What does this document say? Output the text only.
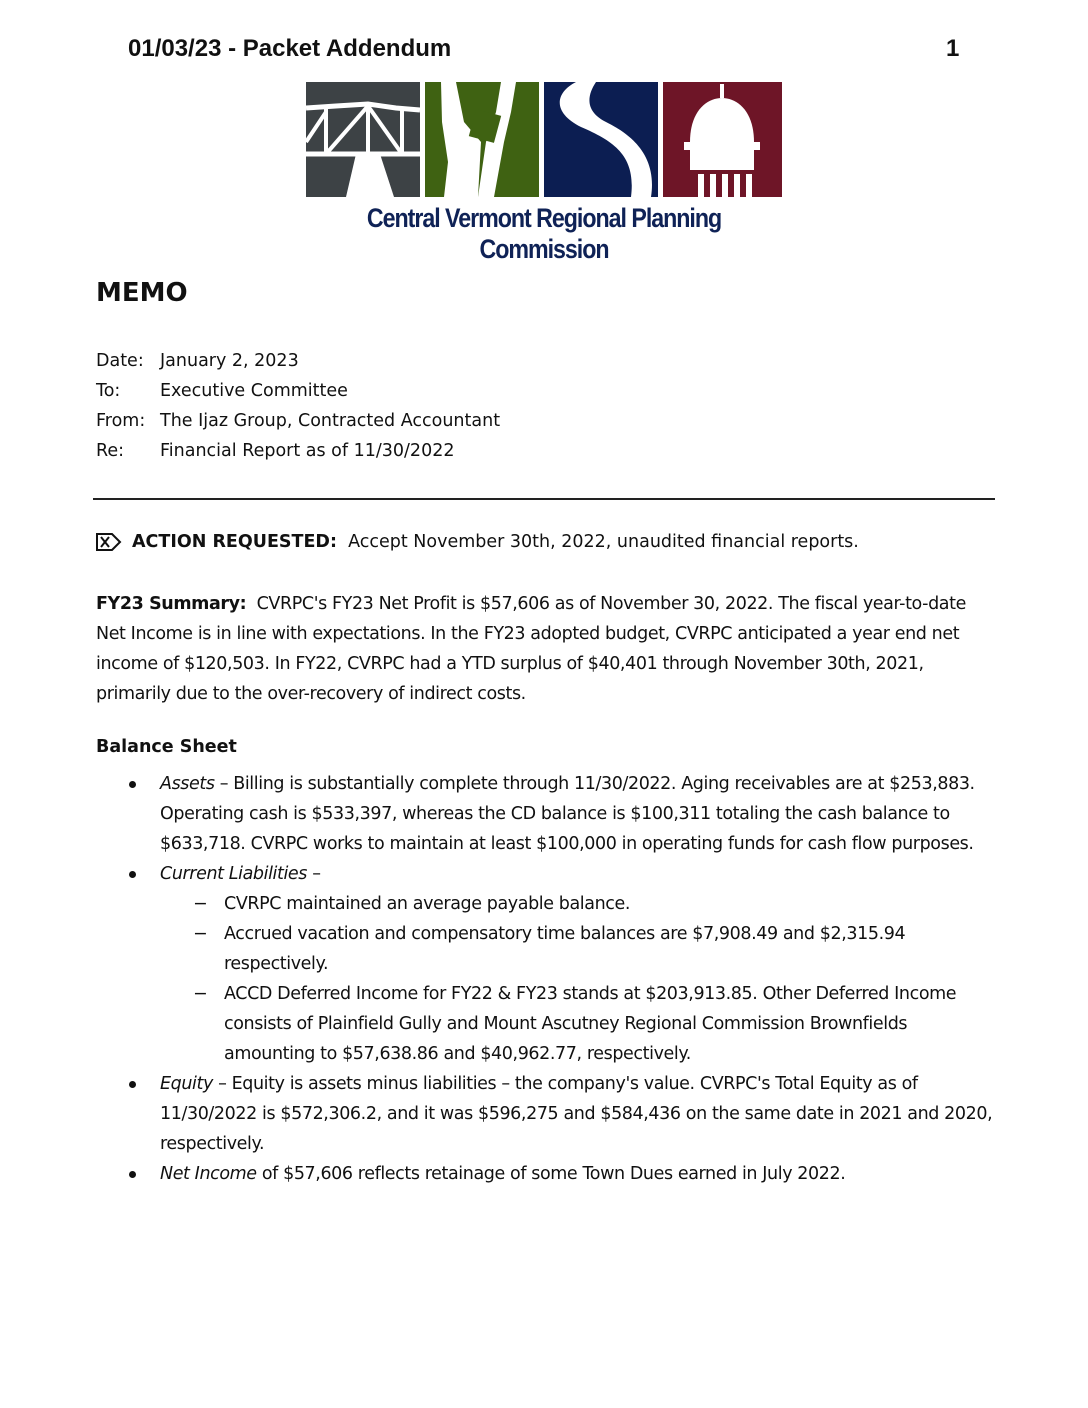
01/03/23 - Packet Addendum	1
Central Vermont Regional Planning Commission
MEMO
Date: January 2, 2023
To:	Executive Committee
From: The Ijaz Group, Contracted Accountant
Re:	Financial Report as of 11/30/2022
ACTION REQUESTED:
Accept November 30th, 2022, unaudited financial reports.
FY23 Summary: CVRPC's FY23 Net Profit is $57,606 as of November 30, 2022. The fiscal year-to-date Net Income is in line with expectations. In the FY23 adopted budget, CVRPC anticipated a year end net income of $120,503. In FY22, CVRPC had a YTD surplus of $40,401 through November 30th, 2021, primarily due to the over-recovery of indirect costs.
Balance Sheet
Assets – Billing is substantially complete through 11/30/2022. Aging receivables are at $253,883. Operating cash is $533,397, whereas the CD balance is $100,311 totaling the cash balance to $633,718. CVRPC works to maintain at least $100,000 in operating funds for cash flow purposes.
Current Liabilities –
− CVRPC maintained an average payable balance.
− Accrued vacation and compensatory time balances are $7,908.49 and $2,315.94 respectively.
− ACCD Deferred Income for FY22 & FY23 stands at $203,913.85. Other Deferred Income consists of Plainfield Gully and Mount Ascutney Regional Commission Brownfields amounting to $57,638.86 and $40,962.77, respectively.
Equity – Equity is assets minus liabilities – the company's value. CVRPC's Total Equity as of 11/30/2022 is $572,306.2, and it was $596,275 and $584,436 on the same date in 2021 and 2020, respectively.
Net Income of $57,606 reflects retainage of some Town Dues earned in July 2022.
